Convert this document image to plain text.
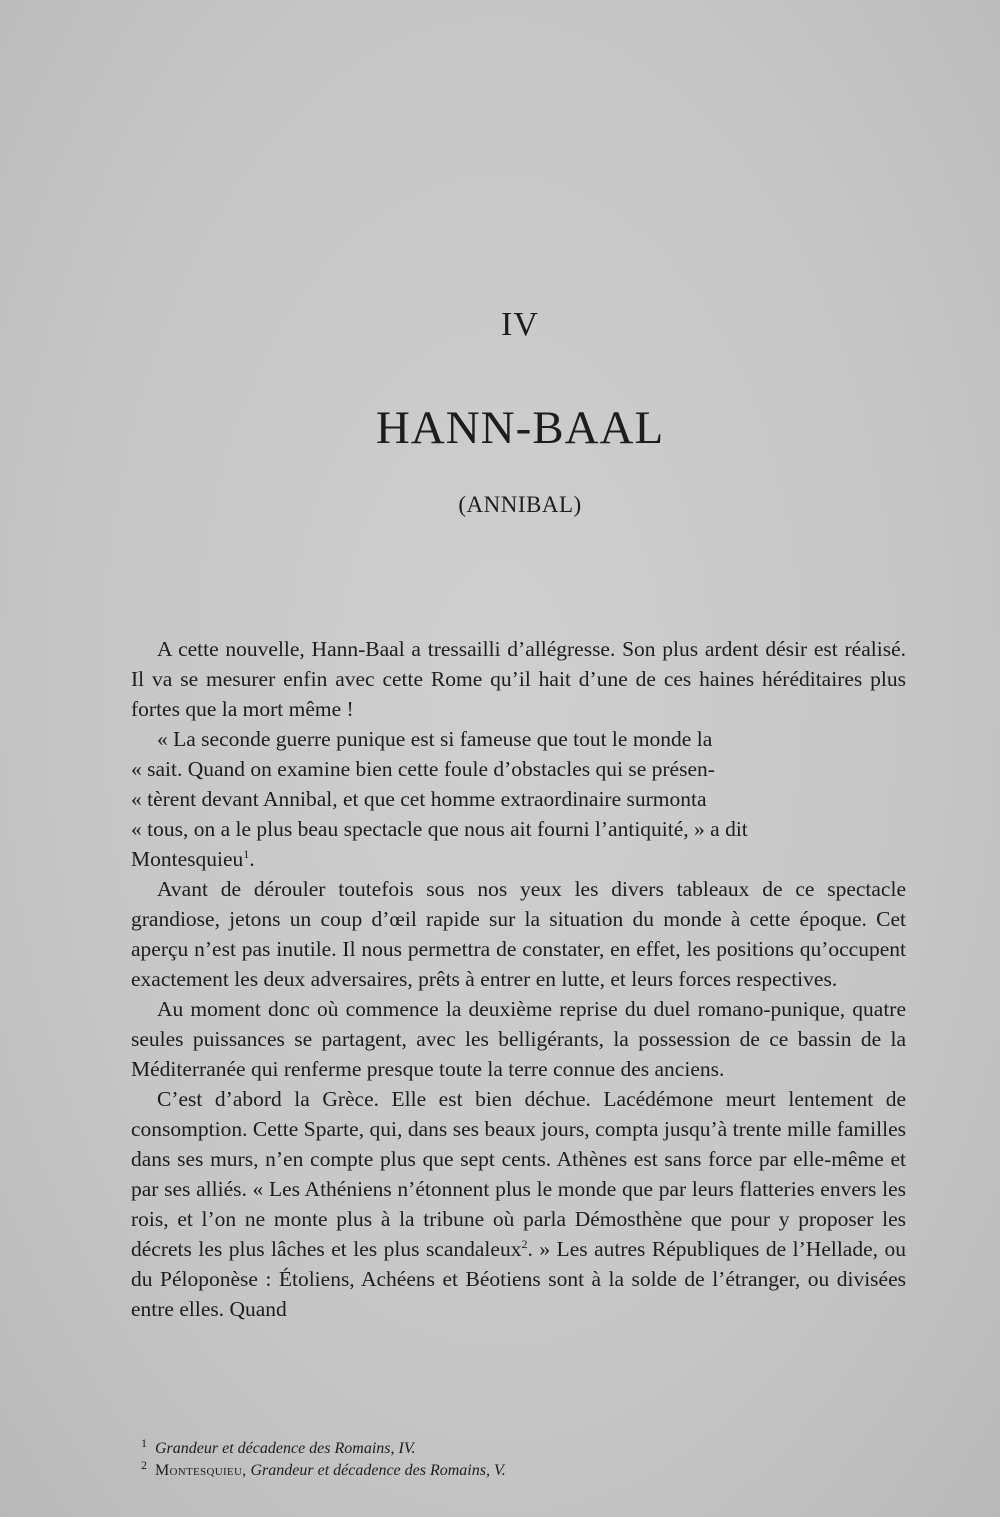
IV
HANN-BAAL
(ANNIBAL)

A cette nouvelle, Hann-Baal a tressailli d’allégresse. Son plus ardent désir est réalisé. Il va se mesurer enfin avec cette Rome qu’il hait d’une de ces haines héréditaires plus fortes que la mort même !

« La seconde guerre punique est si fameuse que tout le monde la
« sait. Quand on examine bien cette foule d’obstacles qui se présen-
« tèrent devant Annibal, et que cet homme extraordinaire surmonta
« tous, on a le plus beau spectacle que nous ait fourni l’antiquité, » a dit
Montesquieu$^1$.

Avant de dérouler toutefois sous nos yeux les divers tableaux de ce spectacle grandiose, jetons un coup d’œil rapide sur la situation du monde à cette époque. Cet aperçu n’est pas inutile. Il nous permettra de constater, en effet, les positions qu’occupent exactement les deux adversaires, prêts à entrer en lutte, et leurs forces respectives.

Au moment donc où commence la deuxième reprise du duel romano-punique, quatre seules puissances se partagent, avec les belligérants, la possession de ce bassin de la Méditerranée qui renferme presque toute la terre connue des anciens.

C’est d’abord la Grèce. Elle est bien déchue. Lacédémone meurt lentement de consomption. Cette Sparte, qui, dans ses beaux jours, compta jusqu’à trente mille familles dans ses murs, n’en compte plus que sept cents. Athènes est sans force par elle-même et par ses alliés. « Les Athéniens n’étonnent plus le monde que par leurs flatteries envers les rois, et l’on ne monte plus à la tribune où parla Démosthène que pour y proposer les décrets les plus lâches et les plus scandaleux$^2$. » Les autres Républiques de l’Hellade, ou du Péloponèse : Étoliens, Achéens et Béotiens sont à la solde de l’étranger, ou divisées entre elles. Quand

$^1$ Grandeur et décadence des Romains, IV.
$^2$ Montesquieu, Grandeur et décadence des Romains, V.
